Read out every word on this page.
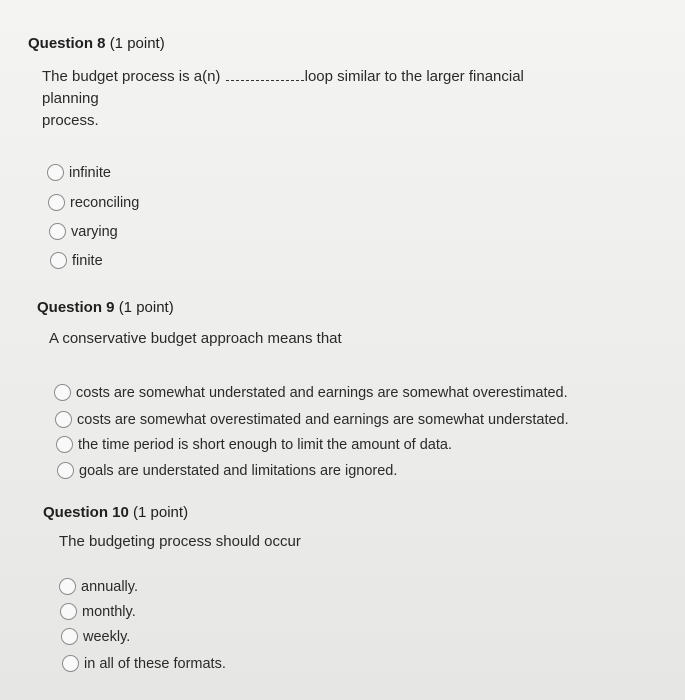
Question 8 (1 point)
The budget process is a(n)	loop similar to the larger financial planning
process.
infinite
reconciling
varying
finite
Question 9 (1 point)
A conservative budget approach means that
costs are somewhat understated and earnings are somewhat overestimated.
costs are somewhat overestimated and earnings are somewhat understated.
the time period is short enough to limit the amount of data.
goals are understated and limitations are ignored.
Question 10 (1 point)
The budgeting process should occur
annually.
monthly.
weekly.
in all of these formats.
